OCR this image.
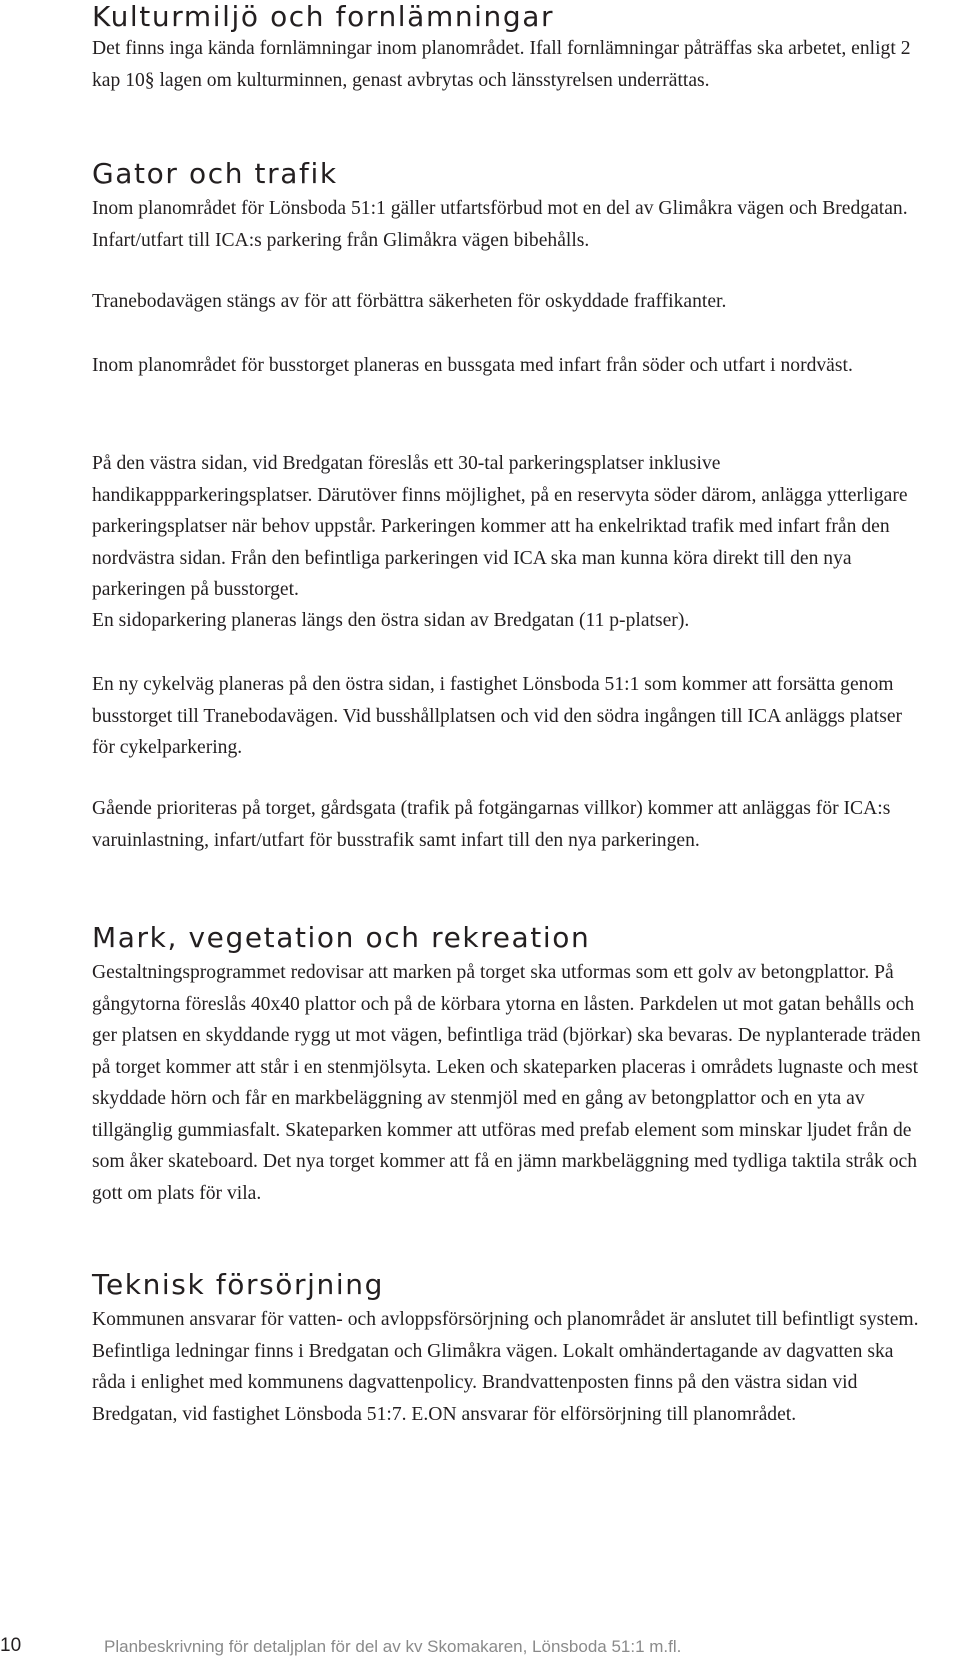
Kulturmiljö och fornlämningar

Det finns inga kända fornlämningar inom planområdet. Ifall fornlämningar påträffas ska arbetet, enligt 2 kap 10§ lagen om kulturminnen, genast avbrytas och länsstyrelsen underrättas.

Gator och trafik

Inom planområdet för Lönsboda 51:1 gäller utfartsförbud mot en del av Glimåkra vägen och Bredgatan. Infart/utfart till ICA:s parkering från Glimåkra vägen bibehålls.

Tranebodavägen stängs av för att förbättra säkerheten för oskyddade fraffikanter.

Inom planområdet för busstorget planeras en bussgata med infart från söder och utfart i nordväst.

På den västra sidan, vid Bredgatan föreslås ett 30-tal parkeringsplatser inklusive handikappparkeringsplatser. Därutöver finns möjlighet, på en reservyta söder därom, anlägga ytterligare parkeringsplatser när behov uppstår. Parkeringen kommer att ha enkelriktad trafik med infart från den nordvästra sidan. Från den befintliga parkeringen vid ICA ska man kunna köra direkt till den nya parkeringen på busstorget.

En sidoparkering planeras längs den östra sidan av Bredgatan (11 p-platser).

En ny cykelväg planeras på den östra sidan, i fastighet Lönsboda 51:1 som kommer att forsätta genom busstorget till Tranebodavägen. Vid busshållplatsen och vid den södra ingången till ICA anläggs platser för cykelparkering.

Gående prioriteras på torget, gårdsgata (trafik på fotgängarnas villkor) kommer att anläggas för ICA:s varuinlastning, infart/utfart för busstrafik samt infart till den nya parkeringen.

Mark, vegetation och rekreation

Gestaltningsprogrammet redovisar att marken på torget ska utformas som ett golv av betongplattor. På gångytorna föreslås 40x40 plattor och på de körbara ytorna en låsten. Parkdelen ut mot gatan behålls och ger platsen en skyddande rygg ut mot vägen, befintliga träd (björkar) ska bevaras. De nyplanterade träden på torget kommer att står i en stenmjölsyta. Leken och skateparken placeras i områdets lugnaste och mest skyddade hörn och får en markbeläggning av stenmjöl med en gång av betongplattor och en yta av tillgänglig gummiasfalt. Skateparken kommer att utföras med prefab element som minskar ljudet från de som åker skateboard. Det nya torget kommer att få en jämn markbeläggning med tydliga taktila stråk och gott om plats för vila.

Teknisk försörjning

Kommunen ansvarar för vatten- och avloppsförsörjning och planområdet är anslutet till befintligt system. Befintliga ledningar finns i Bredgatan och Glimåkra vägen. Lokalt omhändertagande av dagvatten ska råda i enlighet med kommunens dagvattenpolicy. Brandvattenposten finns på den västra sidan vid Bredgatan, vid fastighet Lönsboda 51:7. E.ON ansvarar för elförsörjning till planområdet.

10	Planbeskrivning för detaljplan för del av kv Skomakaren, Lönsboda 51:1 m.fl.
